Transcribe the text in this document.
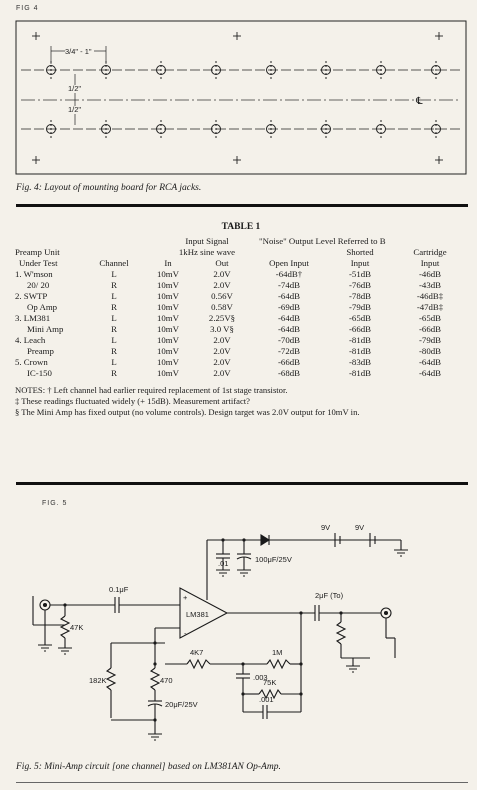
FIG 4
3/4" - 1"
1/2"
1/2"
℄
Fig. 4: Layout of mounting board for RCA jacks.
TABLE 1
		Input Signal		"Noise" Output Level Referred to B		
Preamp Unit		1kHz sine wave			Shorted	Cartridge
Under Test	Channel	In	Out	Open Input	Input	Input
1. W'mson	L	10mV	2.0V	-64dB†	-51dB	-46dB
20/ 20	R	10mV	2.0V	-74dB	-76dB	-43dB
2. SWTP	L	10mV	0.56V	-64dB	-78dB	-46dB‡
Op Amp	R	10mV	0.58V	-69dB	-79dB	-47dB‡
3. LM381	L	10mV	2.25V§	-64dB	-65dB	-65dB
Mini Amp	R	10mV	3.0 V§	-64dB	-66dB	-66dB
4. Leach	L	10mV	2.0V	-70dB	-81dB	-79dB
Preamp	R	10mV	2.0V	-72dB	-81dB	-80dB
5. Crown	L	10mV	2.0V	-66dB	-83dB	-64dB
IC-150	R	10mV	2.0V	-68dB	-81dB	-64dB
NOTES: † Left channel had earlier required replacement of 1st stage transistor.
‡ These readings fluctuated widely (+ 15dB). Measurement artifact?
§ The Mini Amp has fixed output (no volume controls). Design target was 2.0V output for 10mV in.
FIG. 5
9V	9V
.01	100μF/25V
0.1μF
47K
LM381
+
-
2μF (To)
4K7	1M
.003
75K
.001
182K	470
20μF/25V
Fig. 5: Mini-Amp circuit [one channel] based on LM381AN Op-Amp.
